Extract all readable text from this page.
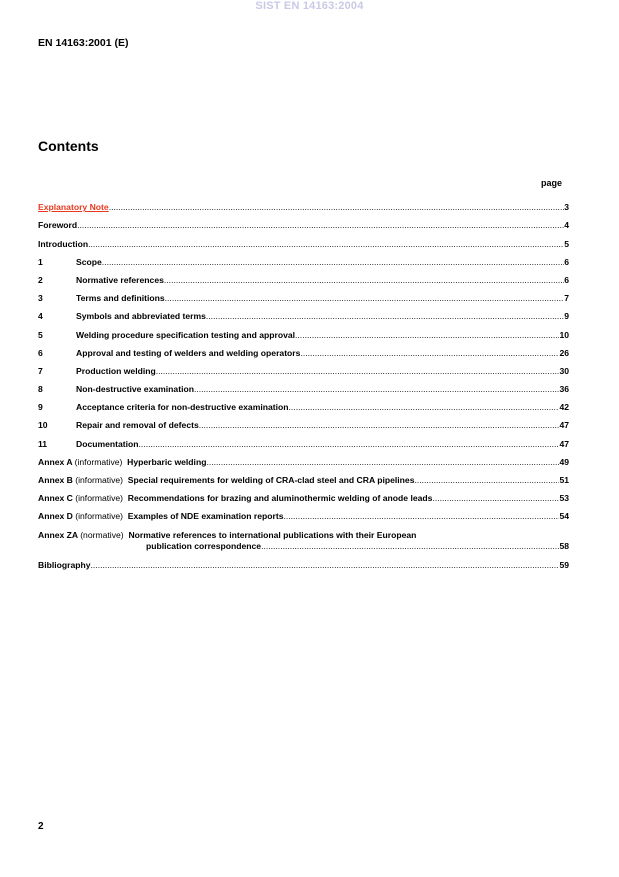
SIST EN 14163:2004
EN 14163:2001 (E)
Contents
page
Explanatory Note .....	3
Foreword .....	4
Introduction .....	5
1	Scope .....	6
2	Normative references .....	6
3	Terms and definitions .....	7
4	Symbols and abbreviated terms .....	9
5	Welding procedure specification testing and approval .....	10
6	Approval and testing of welders and welding operators .....	26
7	Production welding .....	30
8	Non-destructive examination .....	36
9	Acceptance criteria for non-destructive examination .....	42
10	Repair and removal of defects .....	47
11	Documentation .....	47
Annex A (informative) Hyperbaric welding .....	49
Annex B (informative) Special requirements for welding of CRA-clad steel and CRA pipelines .....	51
Annex C (informative) Recommendations for brazing and aluminothermic welding of anode leads .....	53
Annex D (informative) Examples of NDE examination reports .....	54
Annex ZA (normative) Normative references to international publications with their European
publication correspondence .....	58
Bibliography .....	59
2
